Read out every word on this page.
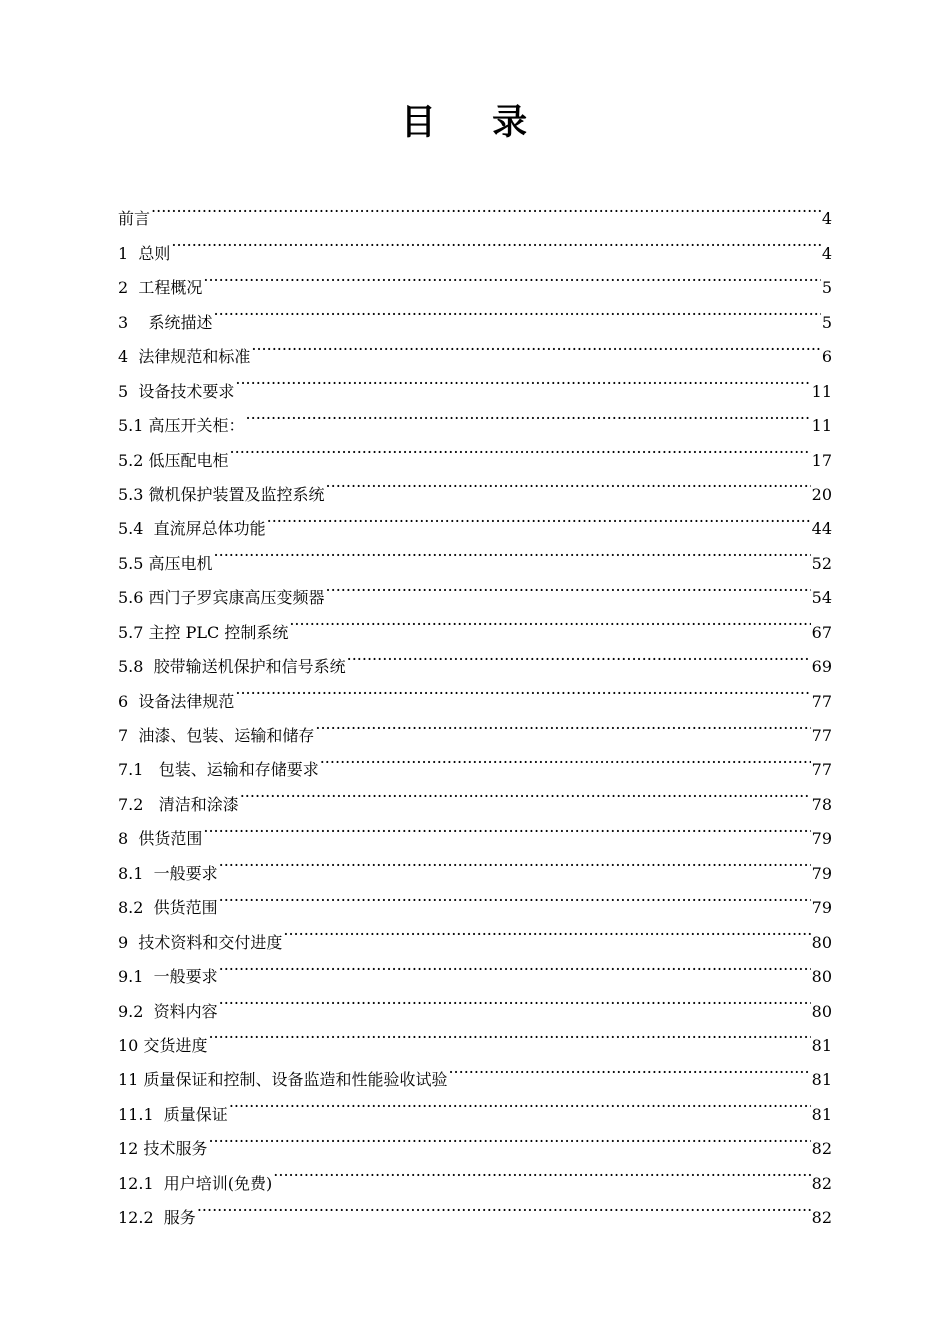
目 录
前言 .....	4
1  总则 .....	4
2  工程概况 .....	5
3    系统描述 .....	5
4  法律规范和标准 .....	6
5  设备技术要求 .....	11
5.1 高压开关柜： .....	11
5.2 低压配电柜 .....	17
5.3 微机保护装置及监控系统 .....	20
5.4  直流屏总体功能 .....	44
5.5 高压电机 .....	52
5.6 西门子罗宾康高压变频器 .....	54
5.7 主控 PLC 控制系统 .....	67
5.8  胶带输送机保护和信号系统 .....	69
6  设备法律规范 .....	77
7  油漆、包装、运输和储存 .....	77
7.1   包装、运输和存储要求 .....	77
7.2   清洁和涂漆 .....	78
8  供货范围 .....	79
8.1  一般要求 .....	79
8.2  供货范围 .....	79
9  技术资料和交付进度 .....	80
9.1  一般要求 .....	80
9.2  资料内容 .....	80
10 交货进度 .....	81
11 质量保证和控制、设备监造和性能验收试验 .....	81
11.1  质量保证 .....	81
12 技术服务 .....	82
12.1  用户培训(免费) .....	82
12.2  服务 .....	82
